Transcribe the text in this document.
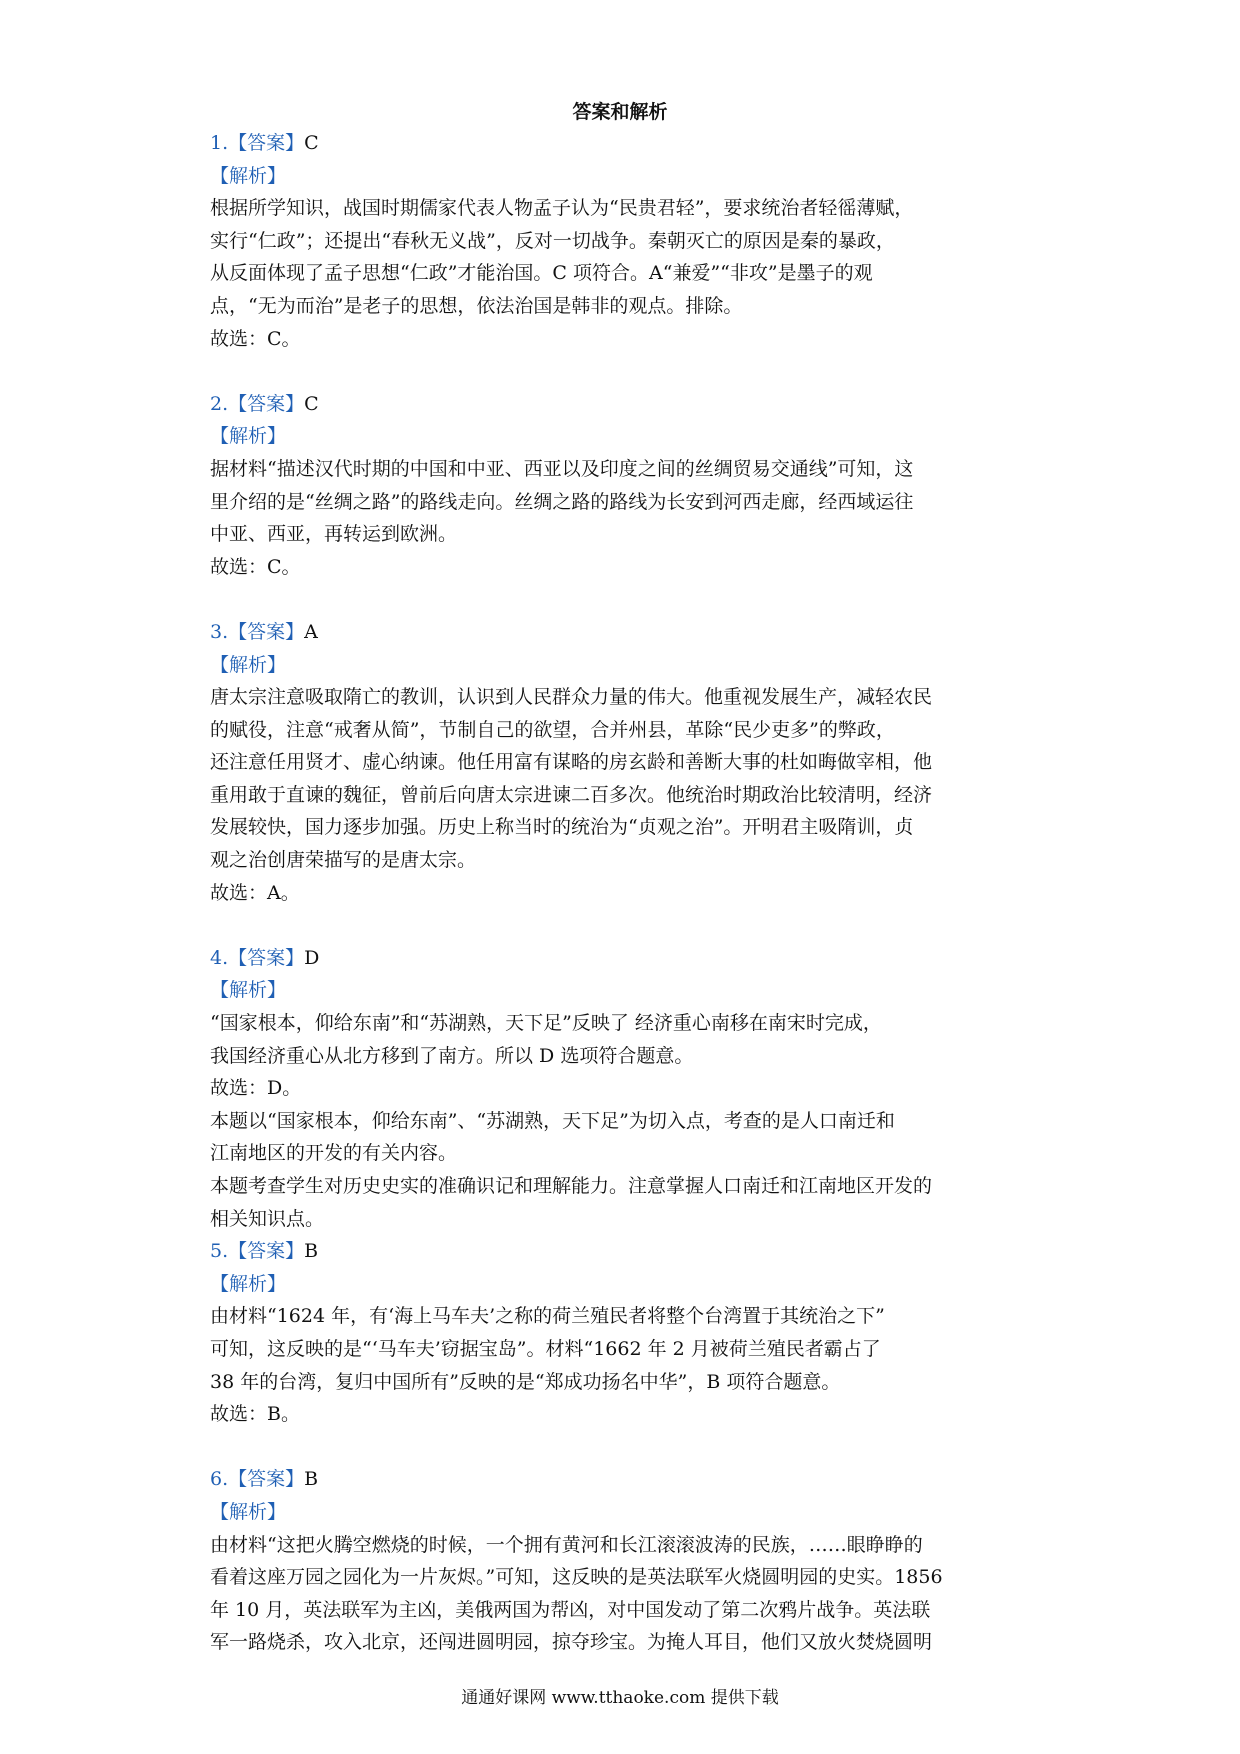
答案和解析
1.【答案】C
【解析】
根据所学知识，战国时期儒家代表人物孟子认为“民贵君轻”，要求统治者轻徭薄赋，
实行“仁政”；还提出“春秋无义战”，反对一切战争。秦朝灭亡的原因是秦的暴政，
从反面体现了孟子思想“仁政”才能治国。C 项符合。A“兼爱”“非攻”是墨子的观
点，“无为而治”是老子的思想，依法治国是韩非的观点。排除。
故选：C。
2.【答案】C
【解析】
据材料“描述汉代时期的中国和中亚、西亚以及印度之间的丝绸贸易交通线”可知，这
里介绍的是“丝绸之路”的路线走向。丝绸之路的路线为长安到河西走廊，经西域运往
中亚、西亚，再转运到欧洲。
故选：C。
3.【答案】A
【解析】
唐太宗注意吸取隋亡的教训，认识到人民群众力量的伟大。他重视发展生产，减轻农民
的赋役，注意“戒奢从简”，节制自己的欲望，合并州县，革除“民少吏多”的弊政，
还注意任用贤才、虚心纳谏。他任用富有谋略的房玄龄和善断大事的杜如晦做宰相，他
重用敢于直谏的魏征，曾前后向唐太宗进谏二百多次。他统治时期政治比较清明，经济
发展较快，国力逐步加强。历史上称当时的统治为“贞观之治”。开明君主吸隋训，贞
观之治创唐荣描写的是唐太宗。
故选：A。
4.【答案】D
【解析】
“国家根本，仰给东南”和“苏湖熟，天下足”反映了 经济重心南移在南宋时完成，
我国经济重心从北方移到了南方。所以 D 选项符合题意。
故选：D。
本题以“国家根本，仰给东南”、“苏湖熟，天下足”为切入点，考查的是人口南迁和
江南地区的开发的有关内容。
本题考查学生对历史史实的准确识记和理解能力。注意掌握人口南迁和江南地区开发的
相关知识点。
5.【答案】B
【解析】
由材料“1624 年，有‘海上马车夫’之称的荷兰殖民者将整个台湾置于其统治之下”
可知，这反映的是“‘马车夫’窃据宝岛”。材料“1662 年 2 月被荷兰殖民者霸占了
38 年的台湾，复归中国所有”反映的是“郑成功扬名中华”，B 项符合题意。
故选：B。
6.【答案】B
【解析】
由材料“这把火腾空燃烧的时候，一个拥有黄河和长江滚滚波涛的民族，……眼睁睁的
看着这座万园之园化为一片灰烬。”可知，这反映的是英法联军火烧圆明园的史实。1856
年 10 月，英法联军为主凶，美俄两国为帮凶，对中国发动了第二次鸦片战争。英法联
军一路烧杀，攻入北京，还闯进圆明园，掠夺珍宝。为掩人耳目，他们又放火焚烧圆明
通通好课网 www.tthaoke.com 提供下载
